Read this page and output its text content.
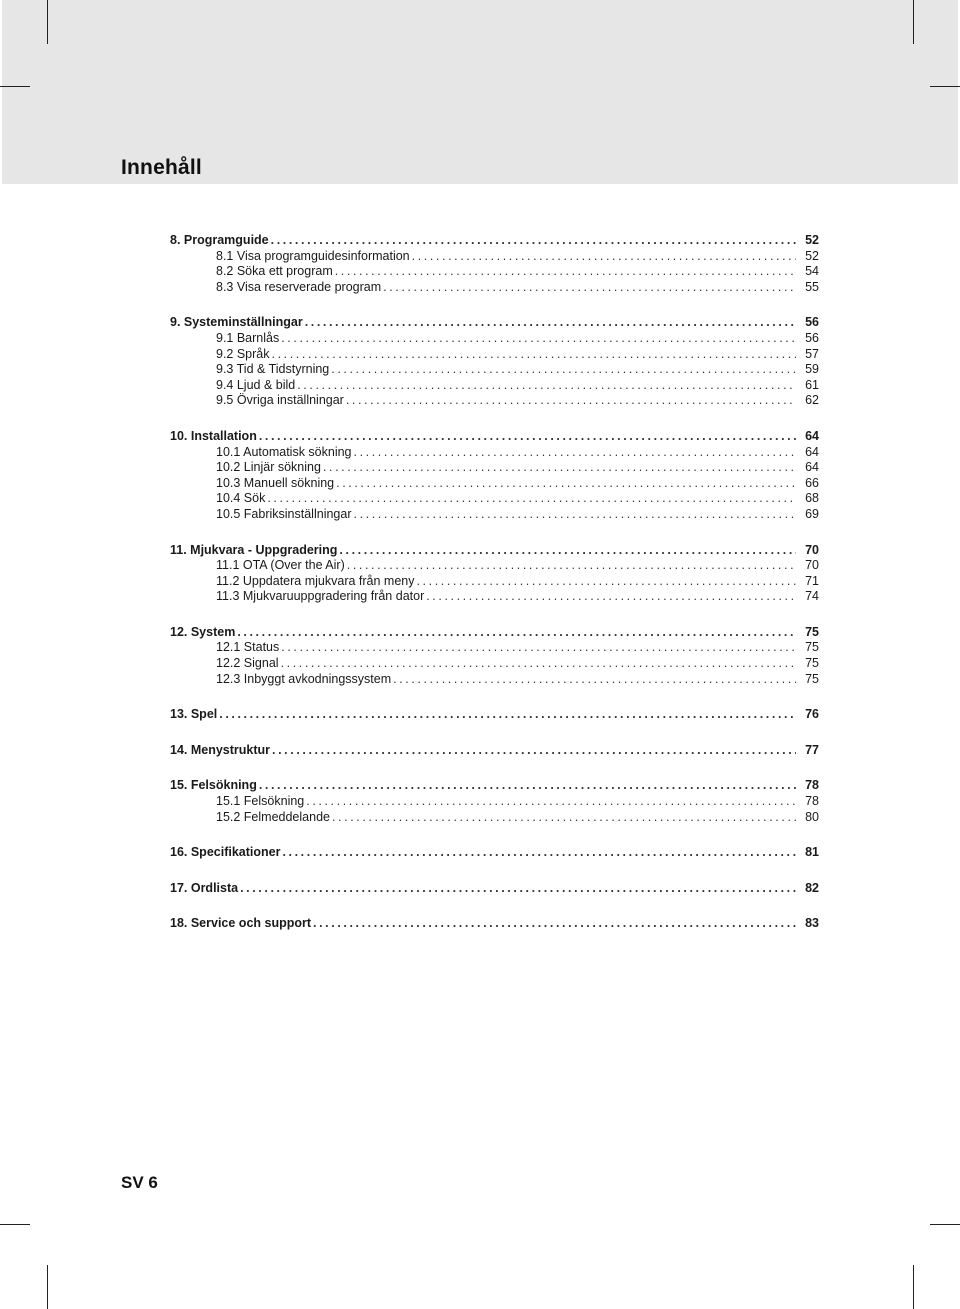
Innehåll
8. Programguide .....	52
8.1 Visa programguidesinformation .....	52
8.2 Söka ett program .....	54
8.3 Visa reserverade program .....	55
9. Systeminställningar .....	56
9.1 Barnlås .....	56
9.2 Språk .....	57
9.3 Tid & Tidstyrning .....	59
9.4 Ljud & bild .....	61
9.5 Övriga inställningar .....	62
10. Installation .....	64
10.1 Automatisk sökning .....	64
10.2 Linjär sökning .....	64
10.3 Manuell sökning .....	66
10.4 Sök .....	68
10.5 Fabriksinställningar .....	69
11. Mjukvara - Uppgradering .....	70
11.1 OTA (Over the Air) .....	70
11.2 Uppdatera mjukvara från meny .....	71
11.3 Mjukvaruuppgradering från dator .....	74
12. System .....	75
12.1 Status .....	75
12.2 Signal .....	75
12.3 Inbyggt avkodningssystem .....	75
13. Spel .....	76
14. Menystruktur .....	77
15. Felsökning .....	78
15.1 Felsökning .....	78
15.2 Felmeddelande .....	80
16. Specifikationer .....	81
17. Ordlista .....	82
18. Service och support .....	83
SV 6
